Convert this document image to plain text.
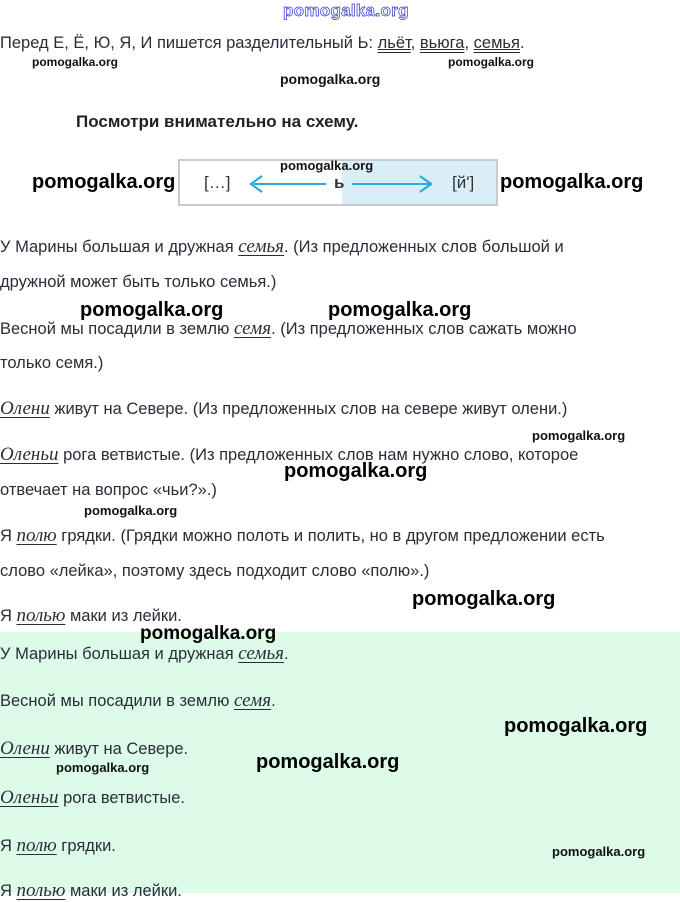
pomogalka.org
Перед Е, Ё, Ю, Я, И пишется разделительный Ь: льёт, вьюга, семья.
pomogalka.org	pomogalka.org
pomogalka.org
Посмотри внимательно на схему.
[…]	ь	[й']
pomogalka.org
pomogalka.org	pomogalka.org
У Марины большая и дружная семья. (Из предложенных слов большой и
дружной может быть только семья.)
pomogalka.org	pomogalka.org
Весной мы посадили в землю семя. (Из предложенных слов сажать можно
только семя.)
Олени живут на Севере. (Из предложенных слов на севере живут олени.)
pomogalka.org
Оленьи рога ветвистые. (Из предложенных слов нам нужно слово, которое
pomogalka.org
отвечает на вопрос «чьи?».)
pomogalka.org
Я полю грядки. (Грядки можно полоть и полить, но в другом предложении есть
слово «лейка», поэтому здесь подходит слово «полю».)
pomogalka.org
Я полью маки из лейки.
pomogalka.org
У Марины большая и дружная семья.
Весной мы посадили в землю семя.
pomogalka.org
Олени живут на Севере.
pomogalka.org
pomogalka.org
Оленьи рога ветвистые.
Я полю грядки.	pomogalka.org
Я полью маки из лейки.
